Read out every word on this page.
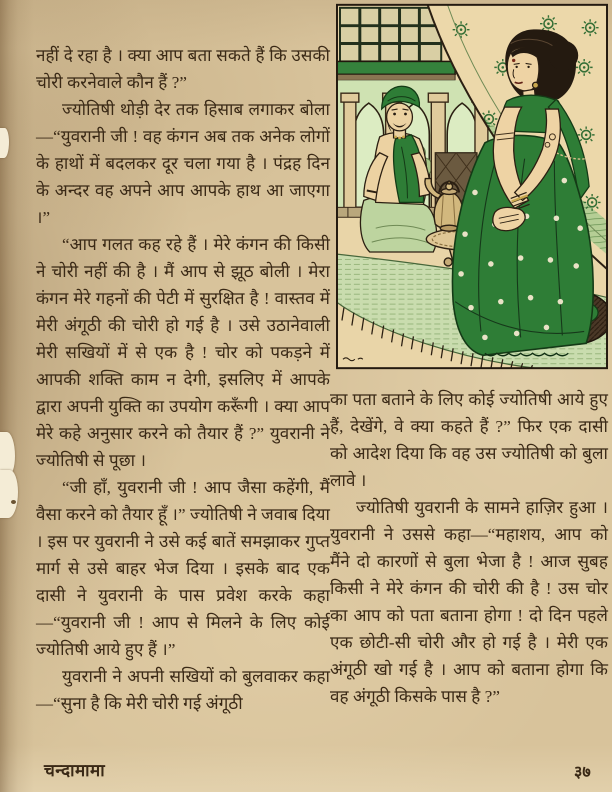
नहीं दे रहा है । क्या आप बता सकते हैं कि उसकी चोरी करनेवाले कौन हैं ?”

ज्योतिषी थोड़ी देर तक हिसाब लगाकर बोला—“युवरानी जी ! वह कंगन अब तक अनेक लोगों के हाथों में बदलकर दूर चला गया है । पंद्रह दिन के अन्दर वह अपने आप आपके हाथ आ जाएगा ।”

“आप गलत कह रहे हैं । मेरे कंगन की किसी ने चोरी नहीं की है । मैं आप से झूठ बोली । मेरा कंगन मेरे गहनों की पेटी में सुरक्षित है ! वास्तव में मेरी अंगूठी की चोरी हो गई है । उसे उठानेवाली मेरी सखियों में से एक है ! चोर को पकड़ने में आपकी शक्ति काम न देगी, इसलिए में आपके द्वारा अपनी युक्ति का उपयोग करूँगी । क्या आप मेरे कहे अनुसार करने को तैयार हैं ?” युवरानी ने ज्योतिषी से पूछा ।

“जी हाँ, युवरानी जी ! आप जैसा कहेंगी, मैं वैसा करने को तैयार हूँ ।” ज्योतिषी ने जवाब दिया । इस पर युवरानी ने उसे कई बातें समझाकर गुप्त मार्ग से उसे बाहर भेज दिया । इसके बाद एक दासी ने युवरानी के पास प्रवेश करके कहा—“युवरानी जी ! आप से मिलने के लिए कोई ज्योतिषी आये हुए हैं ।”

युवरानी ने अपनी सखियों को बुलवाकर कहा—“सुना है कि मेरी चोरी गई अंगूठी

का पता बताने के लिए कोई ज्योतिषी आये हुए हैं, देखेंगे, वे क्या कहते हैं ?” फिर एक दासी को आदेश दिया कि वह उस ज्योतिषी को बुला लावे ।

ज्योतिषी युवरानी के सामने हाज़िर हुआ । युवरानी ने उससे कहा—“महाशय, आप को मैंने दो कारणों से बुला भेजा है ! आज सुबह किसी ने मेरे कंगन की चोरी की है ! उस चोर का आप को पता बताना होगा ! दो दिन पहले एक छोटी-सी चोरी और हो गई है । मेरी एक अंगूठी खो गई है । आप को बताना होगा कि वह अंगूठी किसके पास है ?”

चन्दामामा	३७
